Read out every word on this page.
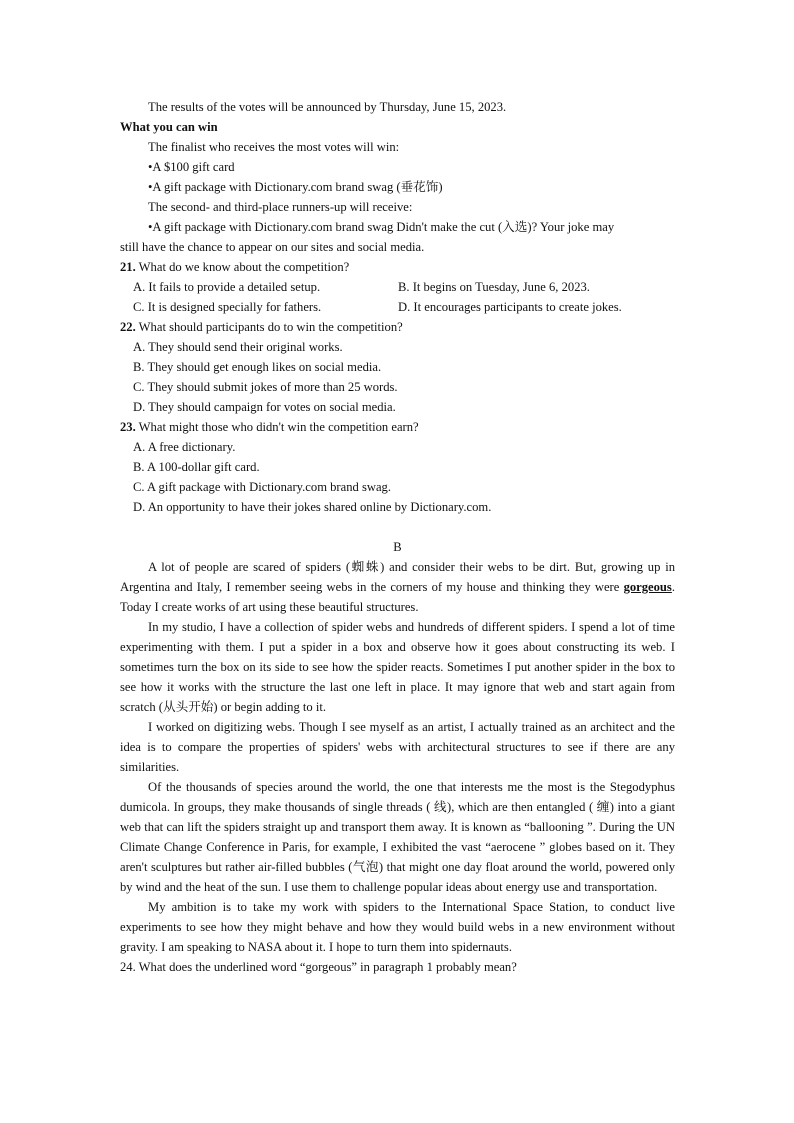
The results of the votes will be announced by Thursday, June 15, 2023.
What you can win
The finalist who receives the most votes will win:
•A $100 gift card
•A gift package with Dictionary.com brand swag (垂花饰)
The second- and third-place runners-up will receive:
•A gift package with Dictionary.com brand swag Didn't make the cut (入选)? Your joke may
still have the chance to appear on our sites and social media.
21. What do we know about the competition?
A. It fails to provide a detailed setup.	B. It begins on Tuesday, June 6, 2023.
C. It is designed specially for fathers.	D. It encourages participants to create jokes.
22. What should participants do to win the competition?
A. They should send their original works.
B. They should get enough likes on social media.
C. They should submit jokes of more than 25 words.
D. They should campaign for votes on social media.
23. What might those who didn't win the competition earn?
A. A free dictionary.
B. A 100-dollar gift card.
C. A gift package with Dictionary.com brand swag.
D. An opportunity to have their jokes shared online by Dictionary.com.
B
A lot of people are scared of spiders (蜘蛛) and consider their webs to be dirt. But, growing up in Argentina and Italy, I remember seeing webs in the corners of my house and thinking they were gorgeous. Today I create works of art using these beautiful structures.
In my studio, I have a collection of spider webs and hundreds of different spiders. I spend a lot of time experimenting with them. I put a spider in a box and observe how it goes about constructing its web. I sometimes turn the box on its side to see how the spider reacts. Sometimes I put another spider in the box to see how it works with the structure the last one left in place. It may ignore that web and start again from scratch (从头开始) or begin adding to it.
I worked on digitizing webs. Though I see myself as an artist, I actually trained as an architect and the idea is to compare the properties of spiders' webs with architectural structures to see if there are any similarities.
Of the thousands of species around the world, the one that interests me the most is the Stegodyphus dumicola. In groups, they make thousands of single threads ( 线), which are then entangled ( 缠) into a giant web that can lift the spiders straight up and transport them away. It is known as “ballooning ”. During the UN Climate Change Conference in Paris, for example, I exhibited the vast “aerocene ” globes based on it. They aren't sculptures but rather air-filled bubbles (气泡) that might one day float around the world, powered only by wind and the heat of the sun. I use them to challenge popular ideas about energy use and transportation.
My ambition is to take my work with spiders to the International Space Station, to conduct live experiments to see how they might behave and how they would build webs in a new environment without gravity. I am speaking to NASA about it. I hope to turn them into spidernauts.
24. What does the underlined word “gorgeous” in paragraph 1 probably mean?
